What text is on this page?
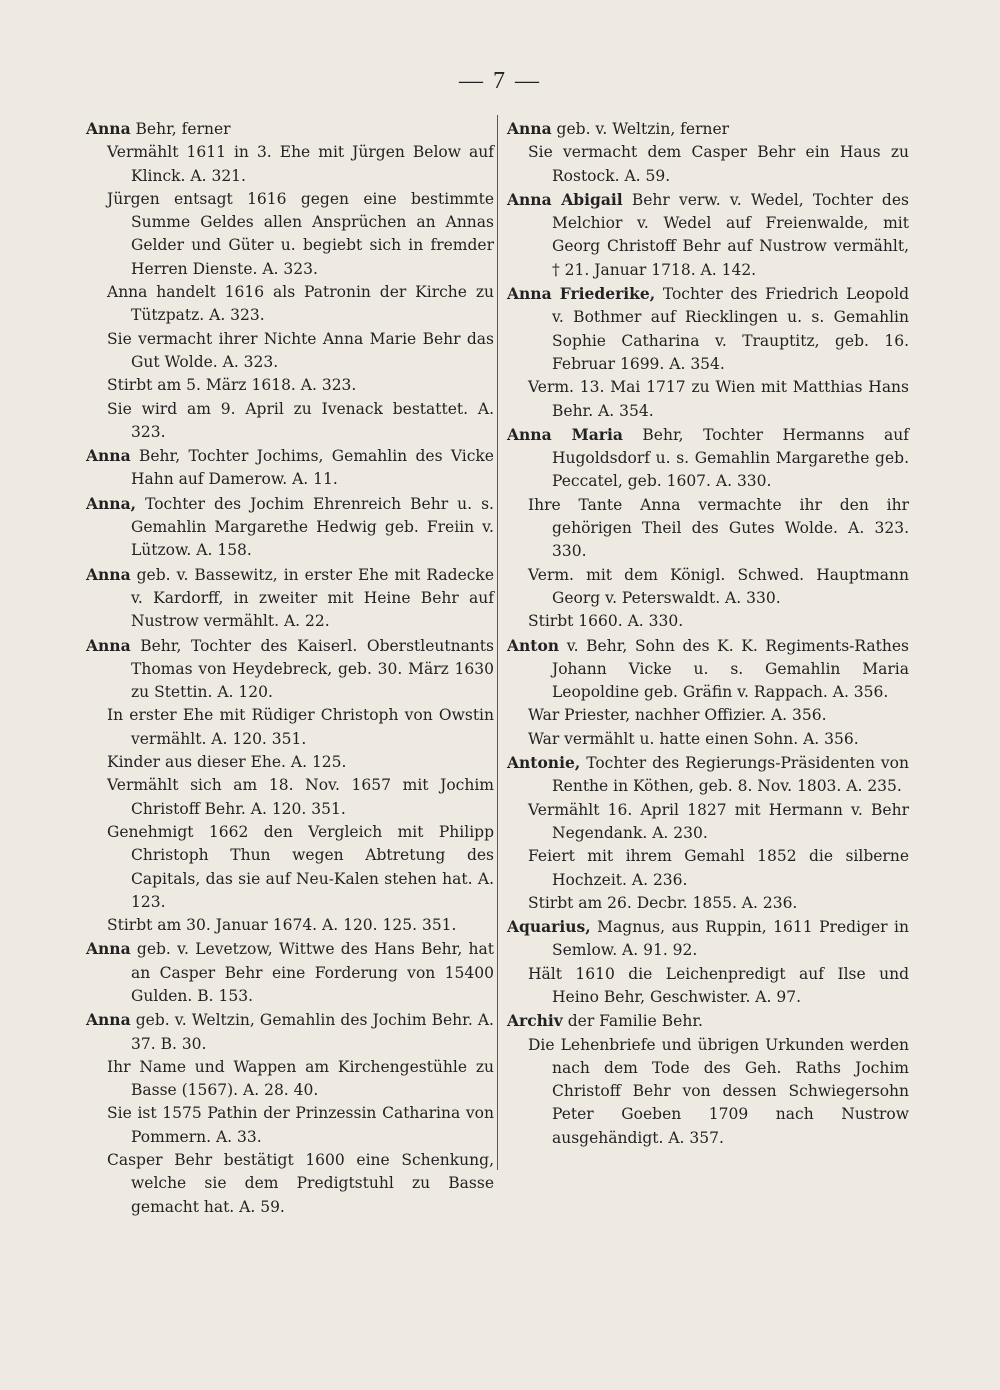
— 7 —
Anna Behr, ferner
Vermählt 1611 in 3. Ehe mit Jürgen Below auf Klinck. A. 321.
Jürgen entsagt 1616 gegen eine bestimmte Summe Geldes allen Ansprüchen an Annas Gelder und Güter u. begiebt sich in fremder Herren Dienste. A. 323.
Anna handelt 1616 als Patronin der Kirche zu Tützpatz. A. 323.
Sie vermacht ihrer Nichte Anna Marie Behr das Gut Wolde. A. 323.
Stirbt am 5. März 1618. A. 323.
Sie wird am 9. April zu Ivenack bestattet. A. 323.
Anna Behr, Tochter Jochims, Gemahlin des Vicke Hahn auf Damerow. A. 11.
Anna, Tochter des Jochim Ehrenreich Behr u. s. Gemahlin Margarethe Hedwig geb. Freiin v. Lützow. A. 158.
Anna geb. v. Bassewitz, in erster Ehe mit Radecke v. Kardorff, in zweiter mit Heine Behr auf Nustrow vermählt. A. 22.
Anna Behr, Tochter des Kaiserl. Oberstleutnants Thomas von Heydebreck, geb. 30. März 1630 zu Stettin. A. 120.
In erster Ehe mit Rüdiger Christoph von Owstin vermählt. A. 120. 351.
Kinder aus dieser Ehe. A. 125.
Vermählt sich am 18. Nov. 1657 mit Jochim Christoff Behr. A. 120. 351.
Genehmigt 1662 den Vergleich mit Philipp Christoph Thun wegen Abtretung des Capitals, das sie auf Neu-Kalen stehen hat. A. 123.
Stirbt am 30. Januar 1674. A. 120. 125. 351.
Anna geb. v. Levetzow, Wittwe des Hans Behr, hat an Casper Behr eine Forderung von 15400 Gulden. B. 153.
Anna geb. v. Weltzin, Gemahlin des Jochim Behr. A. 37. B. 30.
Ihr Name und Wappen am Kirchengestühle zu Basse (1567). A. 28. 40.
Sie ist 1575 Pathin der Prinzessin Catharina von Pommern. A. 33.
Casper Behr bestätigt 1600 eine Schenkung, welche sie dem Predigtstuhl zu Basse gemacht hat. A. 59.
Anna geb. v. Weltzin, ferner
Sie vermacht dem Casper Behr ein Haus zu Rostock. A. 59.
Anna Abigail Behr verw. v. Wedel, Tochter des Melchior v. Wedel auf Freienwalde, mit Georg Christoff Behr auf Nustrow vermählt, † 21. Januar 1718. A. 142.
Anna Friederike, Tochter des Friedrich Leopold v. Bothmer auf Riecklingen u. s. Gemahlin Sophie Catharina v. Trauptitz, geb. 16. Februar 1699. A. 354.
Verm. 13. Mai 1717 zu Wien mit Matthias Hans Behr. A. 354.
Anna Maria Behr, Tochter Hermanns auf Hugoldsdorf u. s. Gemahlin Margarethe geb. Peccatel, geb. 1607. A. 330.
Ihre Tante Anna vermachte ihr den ihr gehörigen Theil des Gutes Wolde. A. 323. 330.
Verm. mit dem Königl. Schwed. Hauptmann Georg v. Peterswaldt. A. 330.
Stirbt 1660. A. 330.
Anton v. Behr, Sohn des K. K. Regiments-Rathes Johann Vicke u. s. Gemahlin Maria Leopoldine geb. Gräfin v. Rappach. A. 356.
War Priester, nachher Offizier. A. 356.
War vermählt u. hatte einen Sohn. A. 356.
Antonie, Tochter des Regierungs-Präsidenten von Renthe in Köthen, geb. 8. Nov. 1803. A. 235.
Vermählt 16. April 1827 mit Hermann v. Behr Negendank. A. 230.
Feiert mit ihrem Gemahl 1852 die silberne Hochzeit. A. 236.
Stirbt am 26. Decbr. 1855. A. 236.
Aquarius, Magnus, aus Ruppin, 1611 Prediger in Semlow. A. 91. 92.
Hält 1610 die Leichenpredigt auf Ilse und Heino Behr, Geschwister. A. 97.
Archiv der Familie Behr.
Die Lehenbriefe und übrigen Urkunden werden nach dem Tode des Geh. Raths Jochim Christoff Behr von dessen Schwiegersohn Peter Goeben 1709 nach Nustrow ausgehändigt. A. 357.
